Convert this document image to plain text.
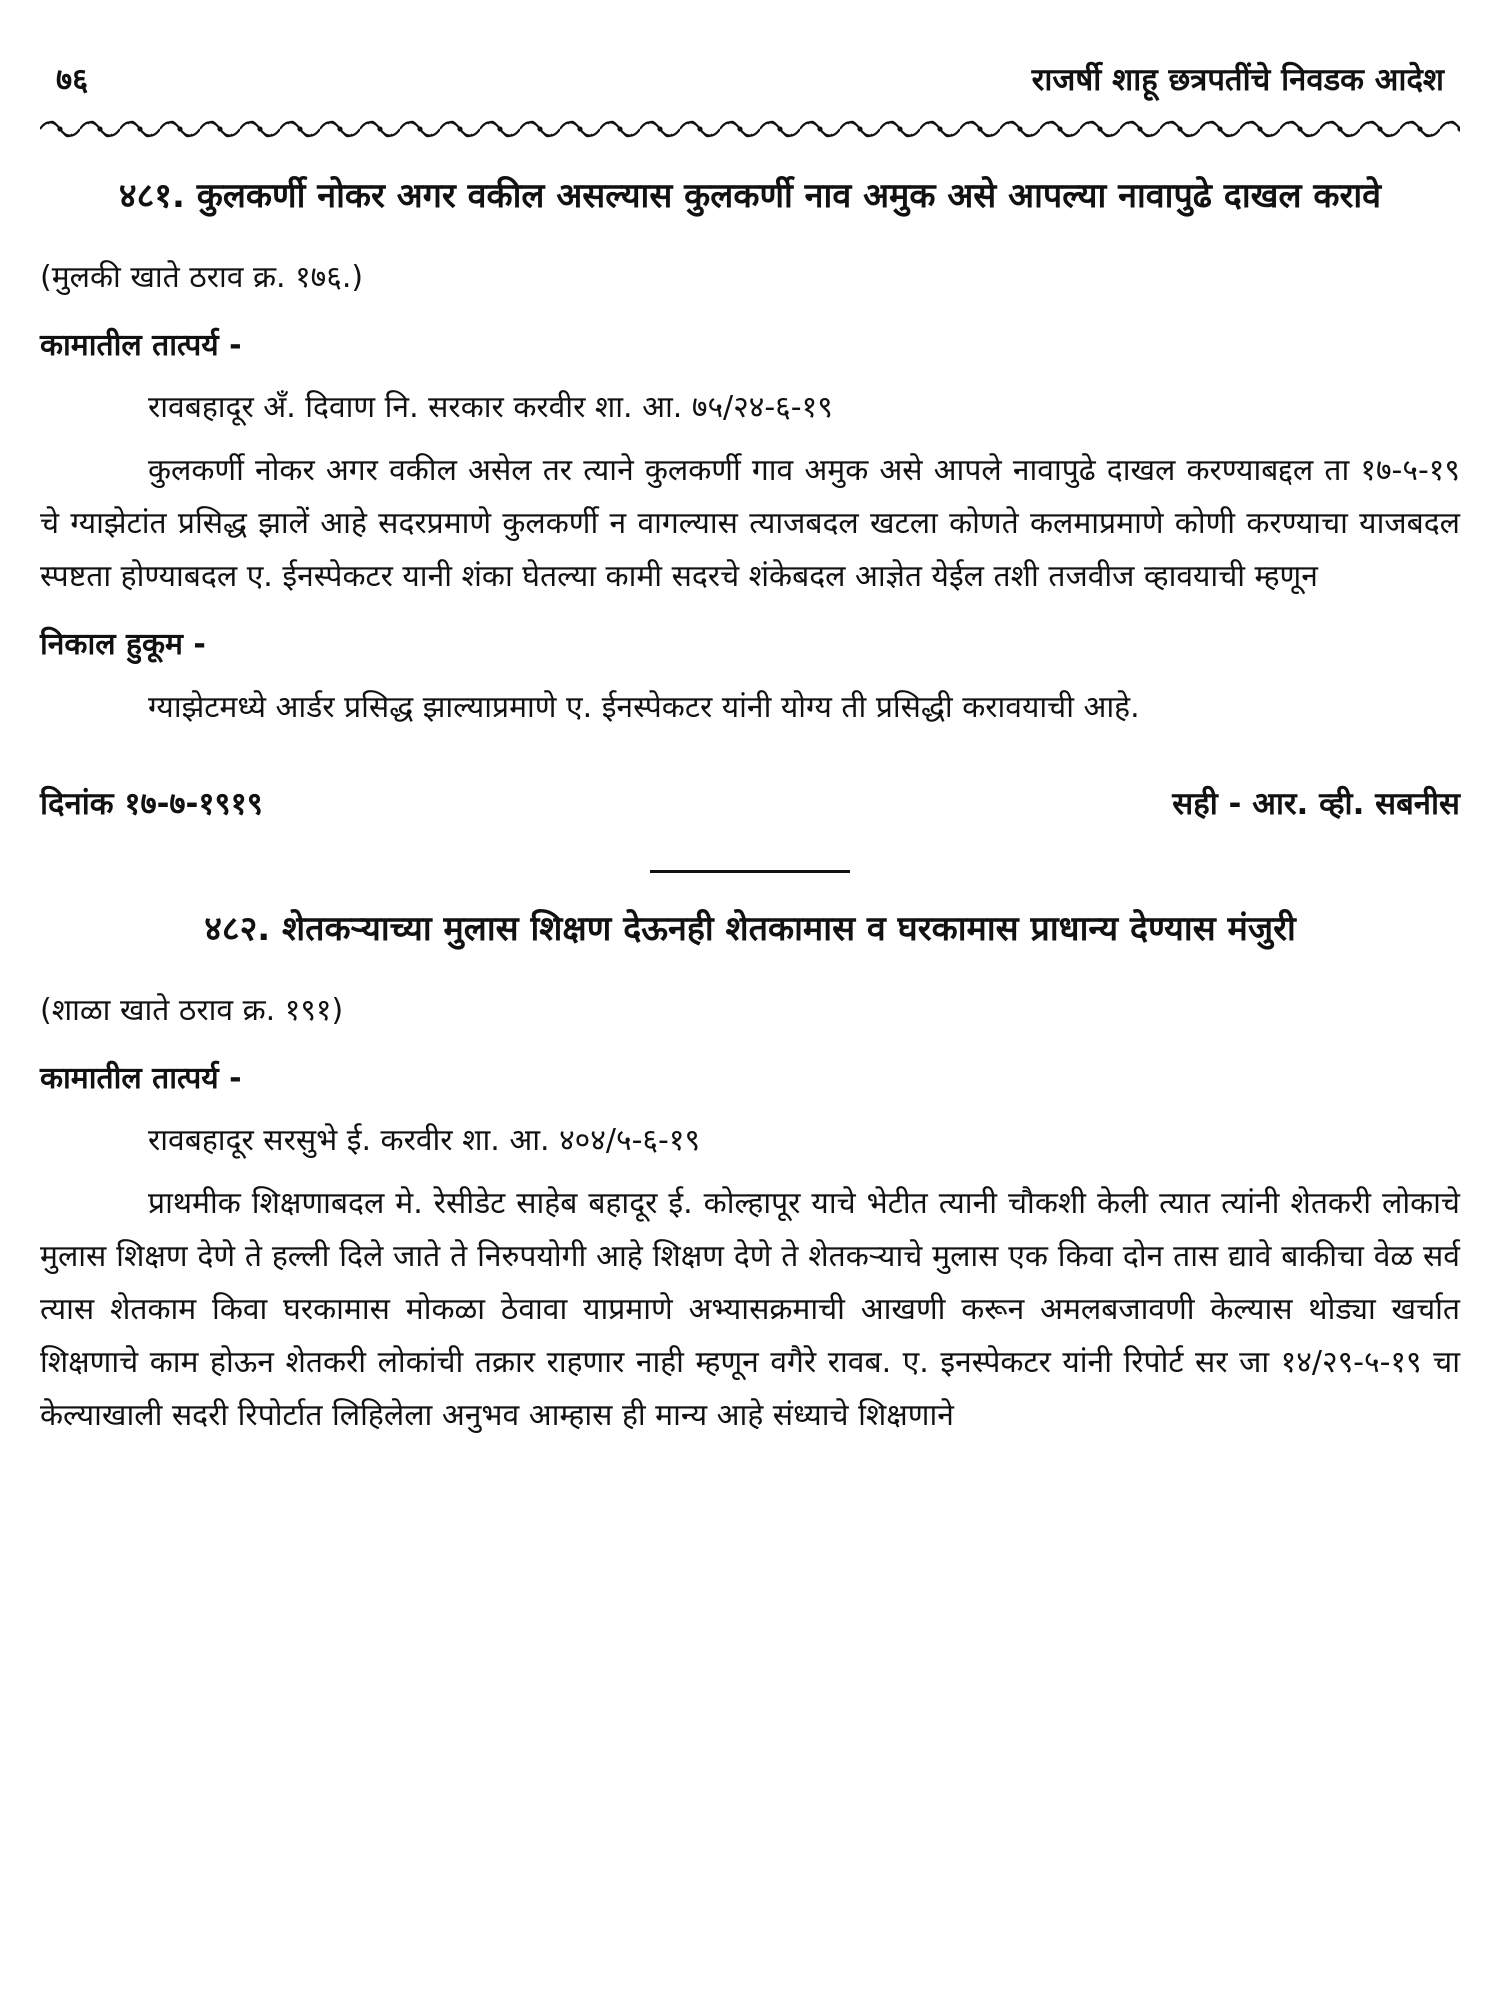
७६	राजर्षी शाहू छत्रपतींचे निवडक आदेश
४८१. कुलकर्णी नोकर अगर वकील असल्यास कुलकर्णी नाव अमुक असे आपल्या नावापुढे दाखल करावे
(मुलकी खाते ठराव क्र. १७६.)
कामातील तात्पर्य -
रावबहादूर अँ. दिवाण नि. सरकार करवीर शा. आ. ७५/२४-६-१९
कुलकर्णी नोकर अगर वकील असेल तर त्याने कुलकर्णी गाव अमुक असे आपले नावापुढे दाखल करण्याबद्दल ता १७-५-१९ चे ग्याझेटांत प्रसिद्ध झालें आहे सदरप्रमाणे कुलकर्णी न वागल्यास त्याजबदल खटला कोणते कलमाप्रमाणे कोणी करण्याचा याजबदल स्पष्टता होण्याबदल ए. ईनस्पेकटर यानी शंका घेतल्या कामी सदरचे शंकेबदल आज्ञेत येईल तशी तजवीज व्हावयाची म्हणून
निकाल हुकूम -
ग्याझेटमध्ये आर्डर प्रसिद्ध झाल्याप्रमाणे ए. ईनस्पेकटर यांनी योग्य ती प्रसिद्धी करावयाची आहे.
दिनांक १७-७-१९१९	सही - आर. व्ही. सबनीस
४८२. शेतकऱ्याच्या मुलास शिक्षण देऊनही शेतकामास व घरकामास प्राधान्य देण्यास मंजुरी
(शाळा खाते ठराव क्र. १९१)
कामातील तात्पर्य -
रावबहादूर सरसुभे ई. करवीर शा. आ. ४०४/५-६-१९
प्राथमीक शिक्षणाबदल मे. रेसीडेट साहेब बहादूर ई. कोल्हापूर याचे भेटीत त्यानी चौकशी केली त्यात त्यांनी शेतकरी लोकाचे मुलास शिक्षण देणे ते हल्ली दिले जाते ते निरुपयोगी आहे शिक्षण देणे ते शेतकऱ्याचे मुलास एक किवा दोन तास द्यावे बाकीचा वेळ सर्व त्यास शेतकाम किवा घरकामास मोकळा ठेवावा याप्रमाणे अभ्यासक्रमाची आखणी करून अमलबजावणी केल्यास थोड्या खर्चात शिक्षणाचे काम होऊन शेतकरी लोकांची तक्रार राहणार नाही म्हणून वगैरे रावब. ए. इनस्पेकटर यांनी रिपोर्ट सर जा १४/२९-५-१९ चा केल्याखाली सदरी रिपोर्टात लिहिलेला अनुभव आम्हास ही मान्य आहे संध्याचे शिक्षणाने
